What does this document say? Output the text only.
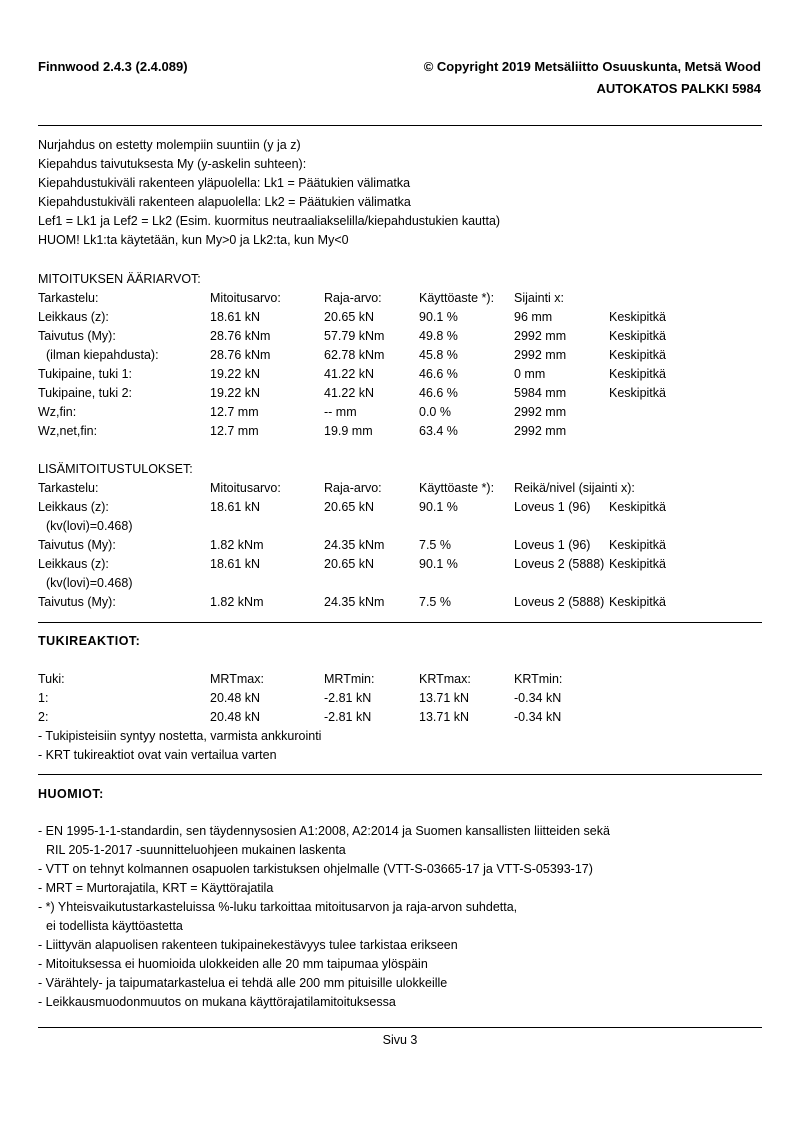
Finnwood 2.4.3 (2.4.089)	© Copyright 2019 Metsäliitto Osuuskunta, Metsä Wood
AUTOKATOS PALKKI 5984
Nurjahdus on estetty molempiin suuntiin (y ja z)
Kiepahdus taivutuksesta My (y-askelin suhteen):
Kiepahdustukiväli rakenteen yläpuolella: Lk1 = Päätukien välimatka
Kiepahdustukiväli rakenteen alapuolella: Lk2 = Päätukien välimatka
Lef1 = Lk1 ja Lef2 = Lk2 (Esim. kuormitus neutraaliakselilla/kiepahdustukien kautta)
HUOM! Lk1:ta käytetään, kun My>0 ja Lk2:ta, kun My<0
MITOITUKSEN ÄÄRIARVOT:
Tarkastelu:	Mitoitusarvo:	Raja-arvo:	Käyttöaste *): Sijainti x:
Leikkaus (z):	18.61 kN	20.65 kN	90.1 %	96 mm	Keskipitkä
Taivutus (My):	28.76 kNm	57.79 kNm	49.8 %	2992 mm	Keskipitkä
(ilman kiepahdusta):	28.76 kNm	62.78 kNm	45.8 %	2992 mm	Keskipitkä
Tukipaine, tuki 1:	19.22 kN	41.22 kN	46.6 %	0 mm	Keskipitkä
Tukipaine, tuki 2:	19.22 kN	41.22 kN	46.6 %	5984 mm	Keskipitkä
Wz,fin:	12.7 mm	-- mm	0.0 %	2992 mm
Wz,net,fin:	12.7 mm	19.9 mm	63.4 %	2992 mm
LISÄMITOITUSTULOKSET:
Tarkastelu:	Mitoitusarvo:	Raja-arvo:	Käyttöaste *): Reikä/nivel (sijainti x):
Leikkaus (z):	18.61 kN	20.65 kN	90.1 %	Loveus 1 (96) Keskipitkä
(kv(lovi)=0.468)
Taivutus (My):	1.82 kNm	24.35 kNm	7.5 %	Loveus 1 (96) Keskipitkä
Leikkaus (z):	18.61 kN	20.65 kN	90.1 %	Loveus 2 (5888) Keskipitkä
(kv(lovi)=0.468)
Taivutus (My):	1.82 kNm	24.35 kNm	7.5 %	Loveus 2 (5888) Keskipitkä
TUKIREAKTIOT:
Tuki:	MRTmax:	MRTmin:	KRTmax:	KRTmin:
1:	20.48 kN	-2.81 kN	13.71 kN	-0.34 kN
2:	20.48 kN	-2.81 kN	13.71 kN	-0.34 kN
- Tukipisteisiin syntyy nostetta, varmista ankkurointi
- KRT tukireaktiot ovat vain vertailua varten
HUOMIOT:
- EN 1995-1-1-standardin, sen täydennysosien A1:2008, A2:2014 ja Suomen kansallisten liitteiden sekä
RIL 205-1-2017 -suunnitteluohjeen mukainen laskenta
- VTT on tehnyt kolmannen osapuolen tarkistuksen ohjelmalle (VTT-S-03665-17 ja VTT-S-05393-17)
- MRT = Murtorajatila, KRT = Käyttörajatila
- *) Yhteisvaikutustarkasteluissa %-luku tarkoittaa mitoitusarvon ja raja-arvon suhdetta,
ei todellista käyttöastetta
- Liittyvän alapuolisen rakenteen tukipainekestävyys tulee tarkistaa erikseen
- Mitoituksessa ei huomioida ulokkeiden alle 20 mm taipumaa ylöspäin
- Värähtely- ja taipumatarkastelua ei tehdä alle 200 mm pituisille ulokkeille
- Leikkausmuodonmuutos on mukana käyttörajatilamitoituksessa
Sivu 3
